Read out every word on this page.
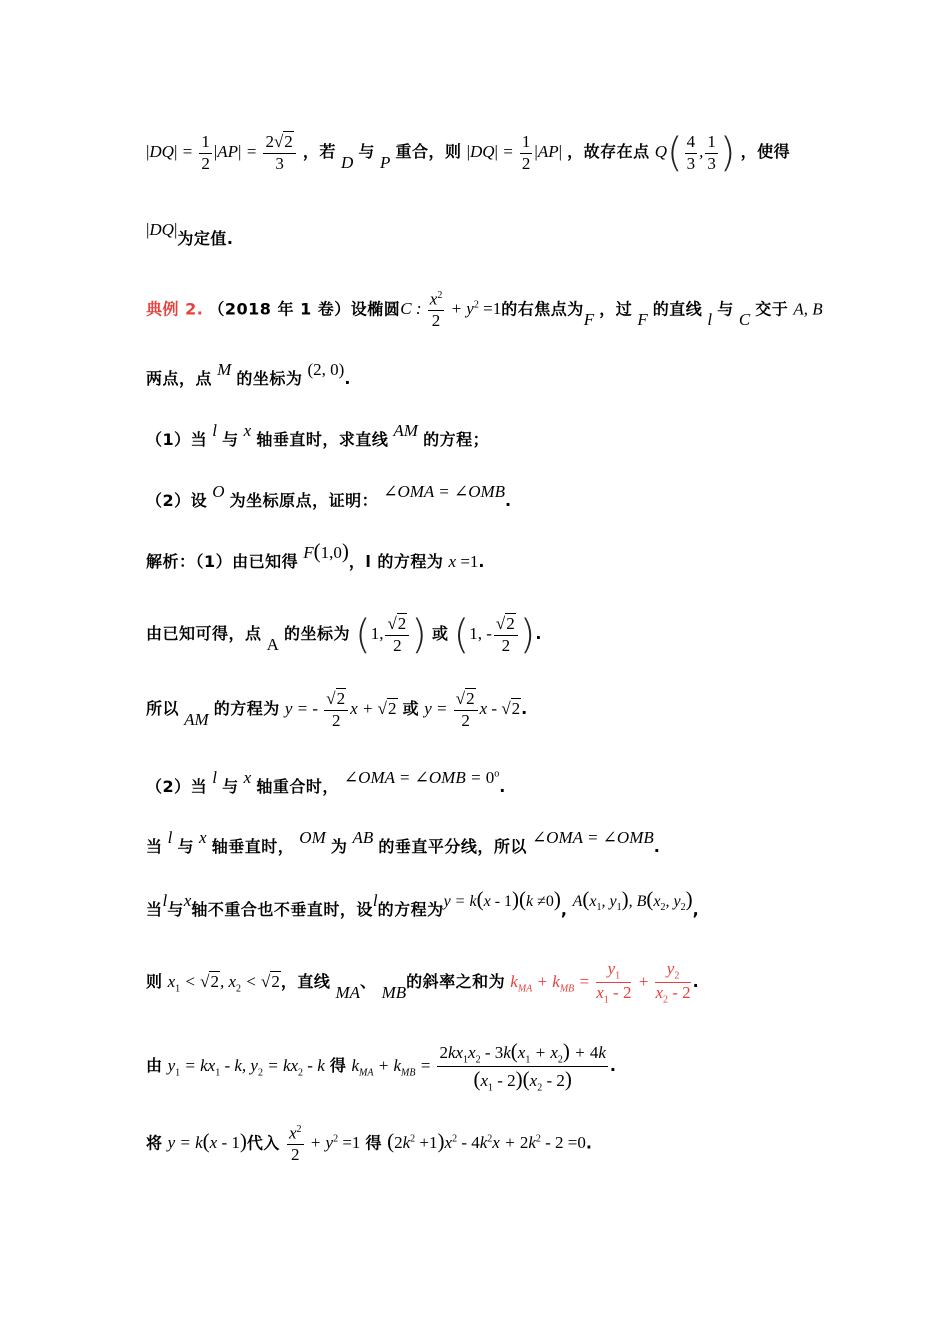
$|DQ| = \frac{1}{2} |AP| = \frac{2√2}{3}$ ，若 D 与 P 重合，则 $|DQ| = \frac{1}{2} |AP|$ ，故存在点 $Q( \frac{4}{3}$ , $\frac{1}{3}$ ) ，使得
|DQ|为定值.
典例 2. （2018 年 1 卷）设椭圆C : $\frac{x^2}{2} + y^2 =1$的右焦点为F ，过 F 的直线 l 与 C 交于 A, B
两点，点 M 的坐标为 (2, 0).
（1）当 l 与 x 轴垂直时，求直线 AM 的方程；
（2）设 O 为坐标原点，证明： ∠OMA = ∠OMB.
解析：（1）由已知得 F(1,0)，l 的方程为 x =1.
由已知可得，点 A 的坐标为 (1, $\frac{√2}{2}$ ) 或 (1, - $\frac{√2}{2}$ ).
所以 AM 的方程为 y = - $\frac{√2}{2}$ x + √2 或 $y = \frac{√2}{2}$ x - √2.
（2）当 l 与 x 轴重合时， ∠OMA = ∠OMB = $0^o$.
当 l 与 x 轴垂直时， OM 为 AB 的垂直平分线，所以 ∠OMA = ∠OMB.
当l与x轴不重合也不垂直时，设l的方程为y = k(x - 1)(k ≠0), $A(x_1$, $y_1$), $B(x_2$, $y_2$),
则 $x_1 < √2$, $x_2 < √2$，直线 MA、 MB的斜率之和为 $k_{MA} + k_{MB} = \frac{y_1}{x_1 - 2} + \frac{y_2}{x_2 - 2}$ .
由 $y_1 = kx_1 - k$, $y_2 = kx_2 - k$ 得 $k_{MA} + k_{MB} = \frac{2kx_1x_2 - 3k(x_1 + x_2) + 4k}{(x_1 - 2)(x_2 - 2)}$ .
将 y = k(x - 1)代入 $\frac{x^2}{2} + y^2 =1$ 得 $(2k^2 +1)x^2 - 4k^2x + 2k^2 - 2 =0$.
